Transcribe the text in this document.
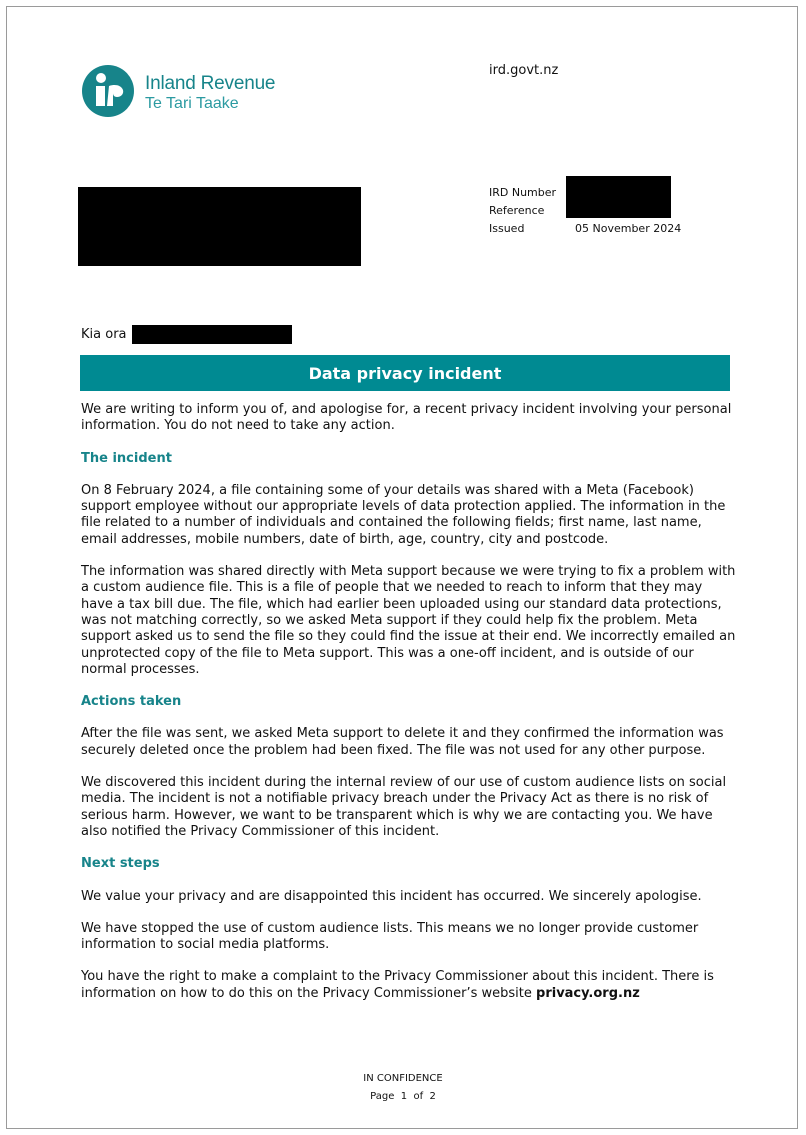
Inland Revenue
Te Tari Taake
ird.govt.nz
IRD Number
Reference
Issued	05 November 2024
Kia ora
Data privacy incident

We are writing to inform you of, and apologise for, a recent privacy incident involving your personal information. You do not need to take any action.

The incident

On 8 February 2024, a file containing some of your details was shared with a Meta (Facebook) support employee without our appropriate levels of data protection applied. The information in the file related to a number of individuals and contained the following fields; first name, last name, email addresses, mobile numbers, date of birth, age, country, city and postcode.

The information was shared directly with Meta support because we were trying to fix a problem with a custom audience file. This is a file of people that we needed to reach to inform that they may have a tax bill due. The file, which had earlier been uploaded using our standard data protections, was not matching correctly, so we asked Meta support if they could help fix the problem. Meta support asked us to send the file so they could find the issue at their end. We incorrectly emailed an unprotected copy of the file to Meta support. This was a one-off incident, and is outside of our normal processes.

Actions taken

After the file was sent, we asked Meta support to delete it and they confirmed the information was securely deleted once the problem had been fixed. The file was not used for any other purpose.

We discovered this incident during the internal review of our use of custom audience lists on social media. The incident is not a notifiable privacy breach under the Privacy Act as there is no risk of serious harm. However, we want to be transparent which is why we are contacting you. We have also notified the Privacy Commissioner of this incident.

Next steps

We value your privacy and are disappointed this incident has occurred. We sincerely apologise.

We have stopped the use of custom audience lists. This means we no longer provide customer information to social media platforms.

You have the right to make a complaint to the Privacy Commissioner about this incident. There is information on how to do this on the Privacy Commissioner’s website privacy.org.nz

IN CONFIDENCE
Page  1  of  2
